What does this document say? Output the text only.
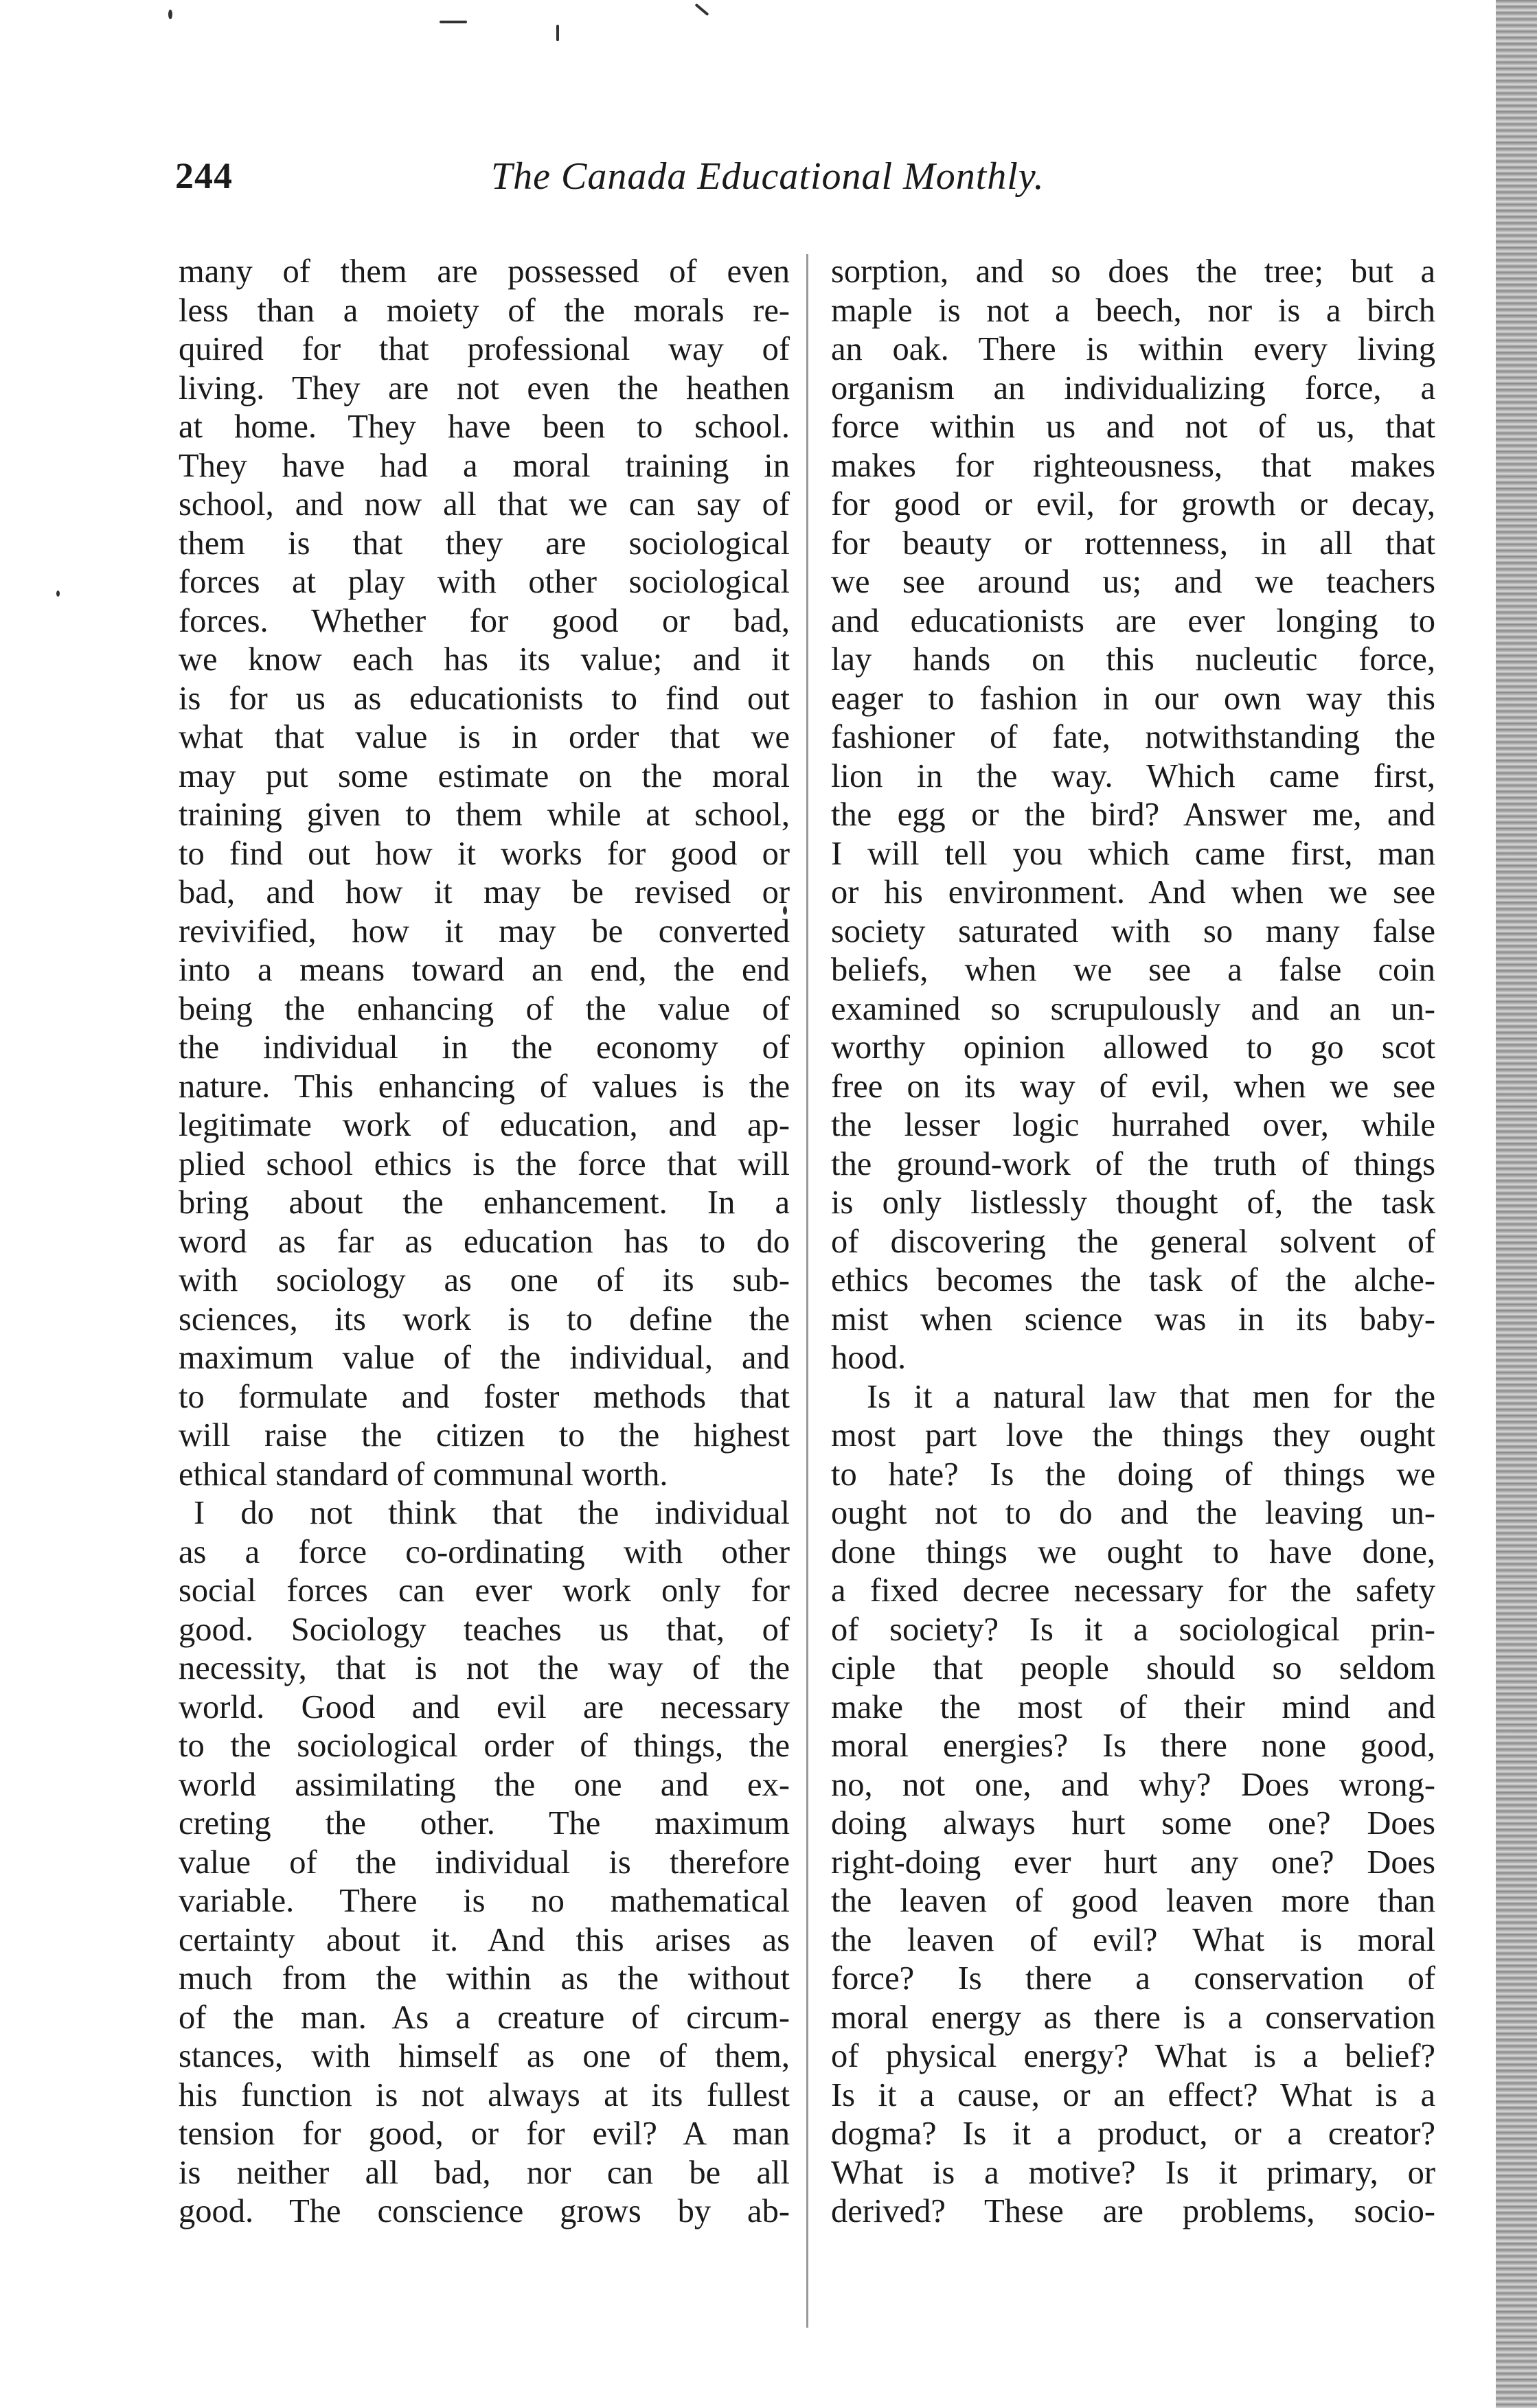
244	The Canada Educational Monthly.
many of them are possessed of even
less than a moiety of the morals re-
quired for that professional way of
living. They are not even the heathen
at home. They have been to school.
They have had a moral training in
school, and now all that we can say of
them is that they are sociological
forces at play with other sociological
forces. Whether for good or bad,
we know each has its value; and it
is for us as educationists to find out
what that value is in order that we
may put some estimate on the moral
training given to them while at school,
to find out how it works for good or
bad, and how it may be revised or
revivified, how it may be converted
into a means toward an end, the end
being the enhancing of the value of
the individual in the economy of
nature. This enhancing of values is the
legitimate work of education, and ap-
plied school ethics is the force that will
bring about the enhancement. In a
word as far as education has to do
with sociology as one of its sub-
sciences, its work is to define the
maximum value of the individual, and
to formulate and foster methods that
will raise the citizen to the highest
ethical standard of communal worth.
I do not think that the individual
as a force co-ordinating with other
social forces can ever work only for
good. Sociology teaches us that, of
necessity, that is not the way of the
world. Good and evil are necessary
to the sociological order of things, the
world assimilating the one and ex-
creting the other. The maximum
value of the individual is therefore
variable. There is no mathematical
certainty about it. And this arises as
much from the within as the without
of the man. As a creature of circum-
stances, with himself as one of them,
his function is not always at its fullest
tension for good, or for evil? A man
is neither all bad, nor can be all
good. The conscience grows by ab-
sorption, and so does the tree; but a
maple is not a beech, nor is a birch
an oak. There is within every living
organism an individualizing force, a
force within us and not of us, that
makes for righteousness, that makes
for good or evil, for growth or decay,
for beauty or rottenness, in all that
we see around us; and we teachers
and educationists are ever longing to
lay hands on this nucleutic force,
eager to fashion in our own way this
fashioner of fate, notwithstanding the
lion in the way. Which came first,
the egg or the bird? Answer me, and
I will tell you which came first, man
or his environment. And when we see
society saturated with so many false
beliefs, when we see a false coin
examined so scrupulously and an un-
worthy opinion allowed to go scot
free on its way of evil, when we see
the lesser logic hurrahed over, while
the ground-work of the truth of things
is only listlessly thought of, the task
of discovering the general solvent of
ethics becomes the task of the alche-
mist when science was in its baby-
hood.
Is it a natural law that men for the
most part love the things they ought
to hate? Is the doing of things we
ought not to do and the leaving un-
done things we ought to have done,
a fixed decree necessary for the safety
of society? Is it a sociological prin-
ciple that people should so seldom
make the most of their mind and
moral energies? Is there none good,
no, not one, and why? Does wrong-
doing always hurt some one? Does
right-doing ever hurt any one? Does
the leaven of good leaven more than
the leaven of evil? What is moral
force? Is there a conservation of
moral energy as there is a conservation
of physical energy? What is a belief?
Is it a cause, or an effect? What is a
dogma? Is it a product, or a creator?
What is a motive? Is it primary, or
derived? These are problems, socio-
